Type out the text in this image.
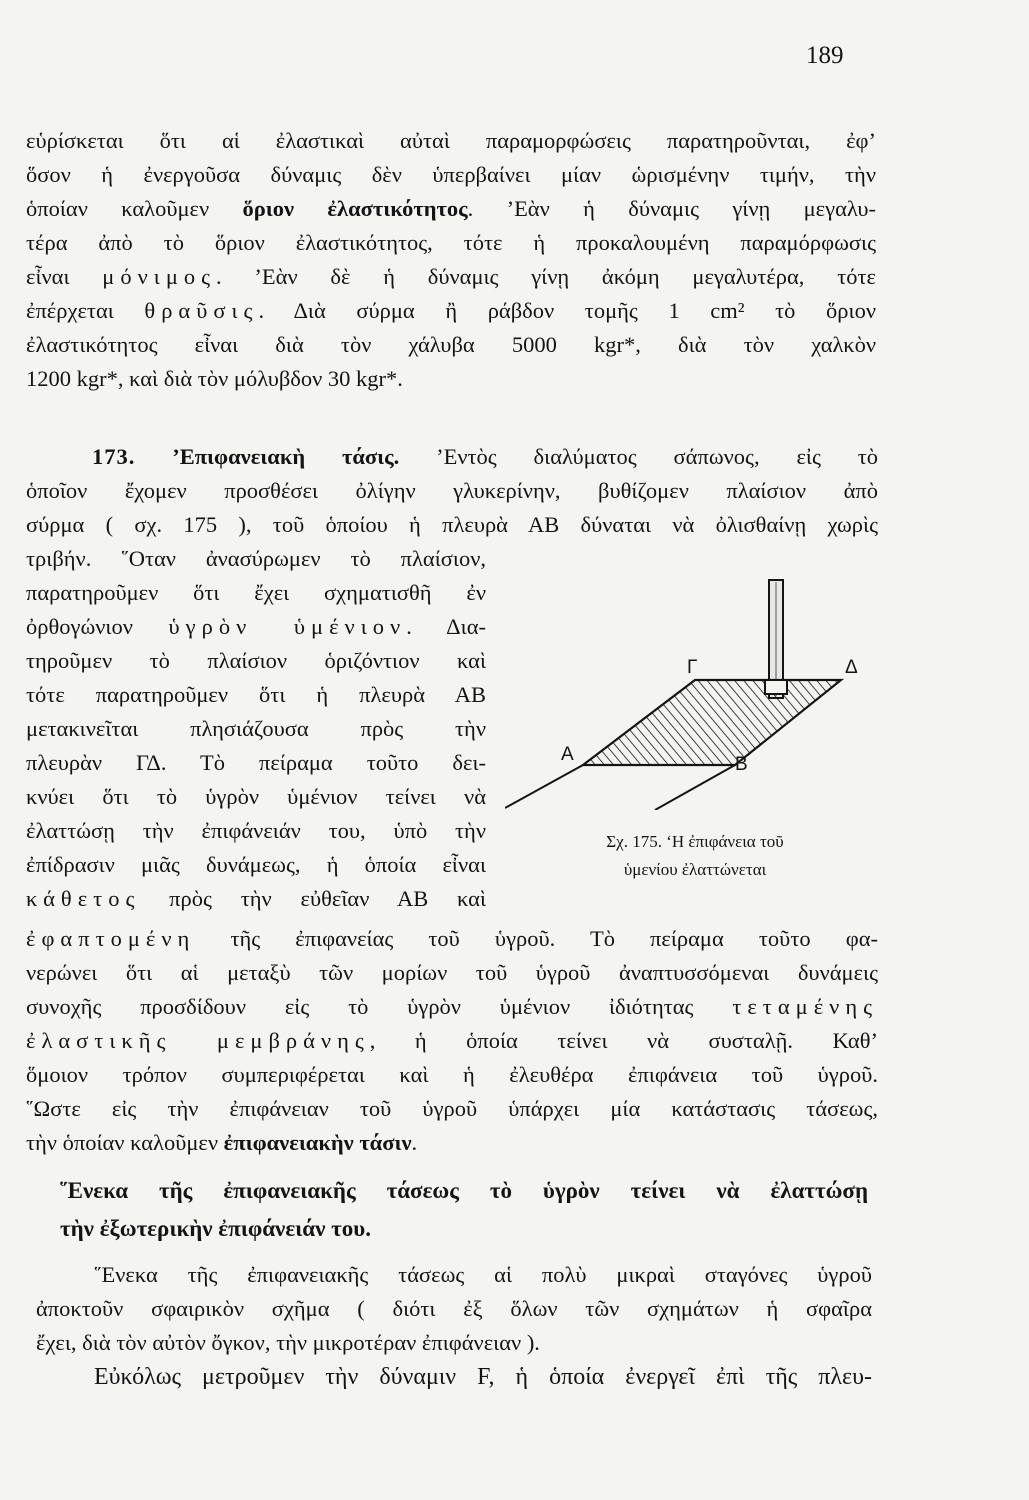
189
εὑρίσκεται ὅτι αἱ ἐλαστικαὶ αὐταὶ παραμορφώσεις παρατηροῦνται, ἐφ’
ὅσον ἡ ἐνεργοῦσα δύναμις δὲν ὑπερβαίνει μίαν ὡρισμένην τιμήν, τὴν
ὁποίαν καλοῦμεν ὅριον ἐλαστικότητος. ’Εὰν ἡ δύναμις γίνῃ μεγαλυ-
τέρα ἀπὸ τὸ ὅριον ἐλαστικότητος, τότε ἡ προκαλουμένη παραμόρφωσις
εἶναι μόνιμος. ’Εὰν δὲ ἡ δύναμις γίνῃ ἀκόμη μεγαλυτέρα, τότε
ἐπέρχεται θραῦσις. Διὰ σύρμα ἢ ράβδον τομῆς 1 cm² τὸ ὅριον
ἐλαστικότητος εἶναι διὰ τὸν χάλυβα 5000 kgr*, διὰ τὸν χαλκὸν
1200 kgr*, καὶ διὰ τὸν μόλυβδον 30 kgr*.
173. ’Επιφανειακὴ τάσις. ’Εντὸς διαλύματος σάπωνος, εἰς τὸ
ὁποῖον ἔχομεν προσθέσει ὀλίγην γλυκερίνην, βυθίζομεν πλαίσιον ἀπὸ
σύρμα ( σχ. 175 ), τοῦ ὁποίου ἡ πλευρὰ ΑΒ δύναται νὰ ὀλισθαίνῃ χωρὶς
τριβήν. ῞Οταν ἀνασύρωμεν τὸ πλαίσιον,
παρατηροῦμεν ὅτι ἔχει σχηματισθῆ ἐν
ὀρθογώνιον ὑγρὸν ὑμένιον. Δια-
τηροῦμεν τὸ πλαίσιον ὁριζόντιον καὶ
τότε παρατηροῦμεν ὅτι ἡ πλευρὰ ΑΒ
μετακινεῖται πλησιάζουσα πρὸς τὴν
πλευρὰν ΓΔ. Τὸ πείραμα τοῦτο δει-
κνύει ὅτι τὸ ὑγρὸν ὑμένιον τείνει νὰ
ἐλαττώσῃ τὴν ἐπιφάνειάν του, ὑπὸ τὴν
ἐπίδρασιν μιᾶς δυνάμεως, ἡ ὁποία εἶναι
κάθετος πρὸς τὴν εὐθεῖαν ΑΒ καὶ
Γ	Δ
Α	Β
Σχ. 175. ‘Η ἐπιφάνεια τοῦ
ὑμενίου ἐλαττώνεται
ἐφαπτομένη τῆς ἐπιφανείας τοῦ ὑγροῦ. Τὸ πείραμα τοῦτο φα-
νερώνει ὅτι αἱ μεταξὺ τῶν μορίων τοῦ ὑγροῦ ἀναπτυσσόμεναι δυνάμεις
συνοχῆς προσδίδουν εἰς τὸ ὑγρὸν ὑμένιον ἰδιότητας τεταμένης
ἐλαστικῆς μεμβράνης, ἡ ὁποία τείνει νὰ συσταλῇ. Καθ’
ὅμοιον τρόπον συμπεριφέρεται καὶ ἡ ἐλευθέρα ἐπιφάνεια τοῦ ὑγροῦ.
῞Ωστε εἰς τὴν ἐπιφάνειαν τοῦ ὑγροῦ ὑπάρχει μία κατάστασις τάσεως,
τὴν ὁποίαν καλοῦμεν ἐπιφανειακὴν τάσιν.
῞Ενεκα τῆς ἐπιφανειακῆς τάσεως τὸ ὑγρὸν τείνει νὰ ἐλαττώσῃ
τὴν ἐξωτερικὴν ἐπιφάνειάν του.
῞Ενεκα τῆς ἐπιφανειακῆς τάσεως αἱ πολὺ μικραὶ σταγόνες ὑγροῦ
ἀποκτοῦν σφαιρικὸν σχῆμα ( διότι ἐξ ὅλων τῶν σχημάτων ἡ σφαῖρα
ἔχει, διὰ τὸν αὐτὸν ὄγκον, τὴν μικροτέραν ἐπιφάνειαν ).
Εὐκόλως μετροῦμεν τὴν δύναμιν F, ἡ ὁποία ἐνεργεῖ ἐπὶ τῆς πλευ-
